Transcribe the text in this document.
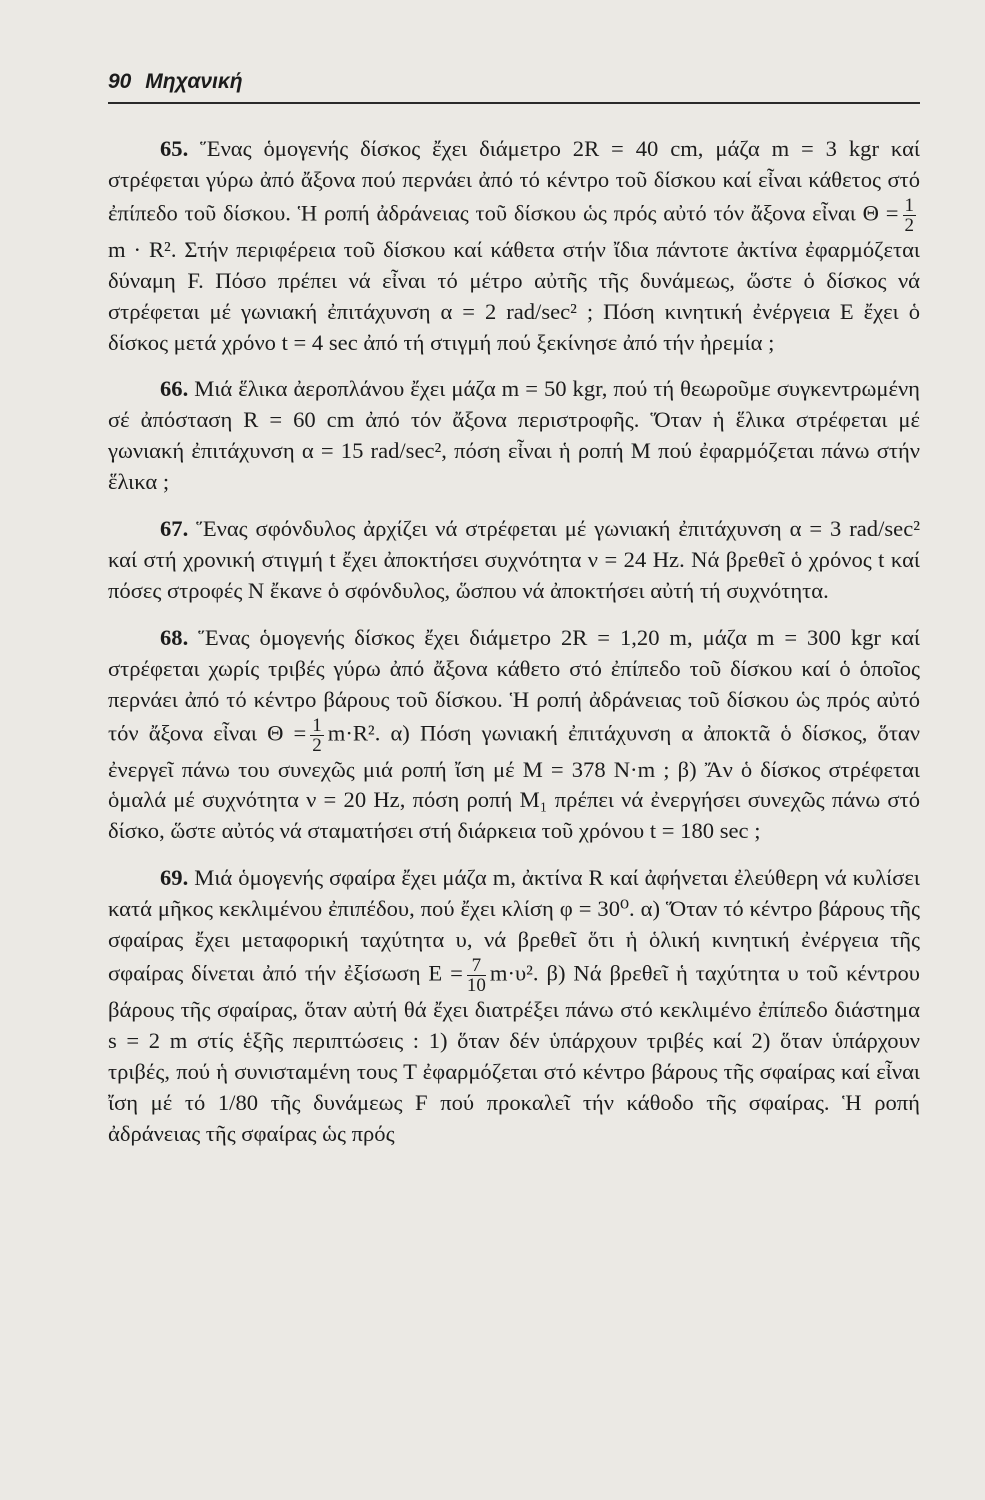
90 Μηχανική

65. Ἕνας ὁμογενής δίσκος ἔχει διάμετρο 2R = 40 cm, μάζα m = 3 kgr καί στρέφεται γύρω ἀπό ἄξονα πού περνάει ἀπό τό κέντρο τοῦ δίσκου καί εἶναι κάθετος στό ἐπίπεδο τοῦ δίσκου. Ἡ ροπή ἀδράνειας τοῦ δίσκου ὡς πρός αὐτό τόν ἄξονα εἶναι $\Theta = \frac{1}{2}$
m · R². Στήν περιφέρεια τοῦ δίσκου καί κάθετα στήν ἴδια πάντοτε ἀκτίνα ἐφαρμόζεται δύναμη F. Πόσο πρέπει νά εἶναι τό μέτρο αὐτῆς τῆς δυνάμεως, ὥστε ὁ δίσκος νά στρέφεται μέ γωνιακή ἐπιτάχυνση α = 2 rad/sec² ; Πόση κινητική ἐνέργεια Ε ἔχει ὁ δίσκος μετά χρόνο t = 4 sec ἀπό τή στιγμή πού ξεκίνησε ἀπό τήν ἠρεμία ;

66. Μιά ἕλικα ἀεροπλάνου ἔχει μάζα m = 50 kgr, πού τή θεωροῦμε συγκεντρωμένη σέ ἀπόσταση R = 60 cm ἀπό τόν ἄξονα περιστροφῆς. Ὅταν ἡ ἕλικα στρέφεται μέ γωνιακή ἐπιτάχυνση α = 15 rad/sec², πόση εἶναι ἡ ροπή Μ πού ἐφαρμόζεται πάνω στήν ἕλικα ;

67. Ἕνας σφόνδυλος ἀρχίζει νά στρέφεται μέ γωνιακή ἐπιτάχυνση α = 3 rad/sec² καί στή χρονική στιγμή t ἔχει ἀποκτήσει συχνότητα ν = 24 Hz. Νά βρεθεῖ ὁ χρόνος t καί πόσες στροφές Ν ἔκανε ὁ σφόνδυλος, ὥσπου νά ἀποκτήσει αὐτή τή συχνότητα.

68. Ἕνας ὁμογενής δίσκος ἔχει διάμετρο 2R = 1,20 m, μάζα m = 300 kgr καί στρέφεται χωρίς τριβές γύρω ἀπό ἄξονα κάθετο στό ἐπίπεδο τοῦ δίσκου καί ὁ ὁποῖος περνάει ἀπό τό κέντρο βάρους τοῦ δίσκου. Ἡ ροπή ἀδράνειας τοῦ δίσκου ὡς πρός αὐτό τόν ἄξονα εἶναι $\Theta = \frac{1}{2} m\cdot R^2$. α) Πόση γωνιακή ἐπιτάχυνση α ἀποκτᾶ ὁ δίσκος, ὅταν ἐνεργεῖ πάνω του συνεχῶς μιά ροπή ἴση μέ Μ = 378 N·m ; β) Ἄν ὁ δίσκος στρέφεται ὁμαλά μέ συχνότητα ν = 20 Hz, πόση ροπή Μ₁ πρέπει νά ἐνεργήσει συνεχῶς πάνω στό δίσκο, ὥστε αὐτός νά σταματήσει στή διάρκεια τοῦ χρόνου t = 180 sec ;

69. Μιά ὁμογενής σφαίρα ἔχει μάζα m, ἀκτίνα R καί ἀφήνεται ἐλεύθερη νά κυλίσει κατά μῆκος κεκλιμένου ἐπιπέδου, πού ἔχει κλίση φ = 30⁰. α) Ὅταν τό κέντρο βάρους τῆς σφαίρας ἔχει μεταφορική ταχύτητα υ, νά βρεθεῖ ὅτι ἡ ὁλική κινητική ἐνέργεια τῆς σφαίρας δίνεται ἀπό τήν ἐξίσωση $E = \frac{7}{10} m\cdot\upsilon^2$. β) Νά βρεθεῖ ἡ ταχύτητα υ τοῦ κέντρου βάρους τῆς σφαίρας, ὅταν αὐτή θά ἔχει διατρέξει πάνω στό κεκλιμένο ἐπίπεδο διάστημα s = 2 m στίς ἑξῆς περιπτώσεις : 1) ὅταν δέν ὑπάρχουν τριβές καί 2) ὅταν ὑπάρχουν τριβές, πού ἡ συνισταμένη τους Τ ἐφαρμόζεται στό κέντρο βάρους τῆς σφαίρας καί εἶναι ἴση μέ τό 1/80 τῆς δυνάμεως F πού προκαλεῖ τήν κάθοδο τῆς σφαίρας. Ἡ ροπή ἀδράνειας τῆς σφαίρας ὡς πρός
